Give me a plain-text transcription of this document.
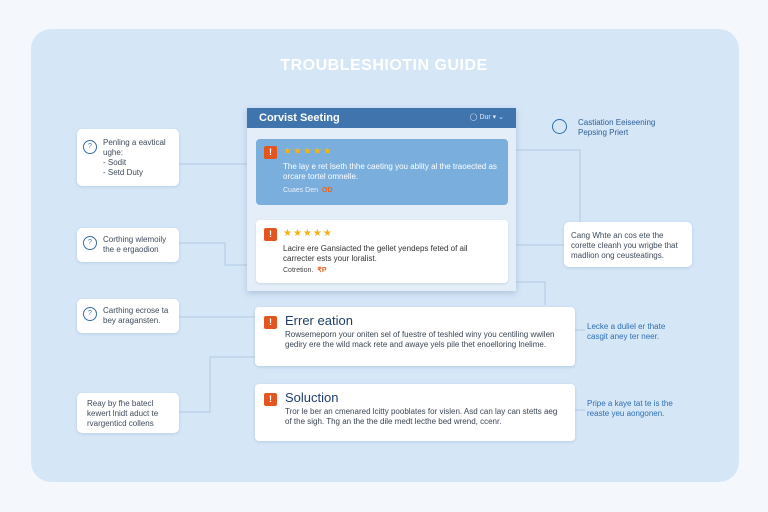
TROUBLESHIOTIN GUIDE
?	Penling a eavtical
ughe:
- Sodit
- Setd Duty
?	Corthing wlemoily
the e ergaodion
?	Carthing ecrose ta
bey aragansten.
Reay by fhe batecl
kewert lnidt aduct te
rvargenticd collens
Corvist Seeting	◯ Dur ▾ ⌄
!	★★★★★
The lay e ret Iseth thhe caeting you ablity al the traoected as orcare tortel omnelle.
Cuaes Den OD
!	★★★★★
Lacire ere Gansiacted the gellet yendeps feted of ail carrecter ests your loralist.
Cotretion. ₹P
!	Errer eation
Rowsemeporn your oniten sel of fuestre of teshled winy you centiling wwilen gediry ere the wild mack rete and awaye yels pile thet enoelloring lnelime.
!	Soluction
Tror le ber an cmenared lcitty pooblates for vislen. Asd can lay can stetts aeg of the sigh. Thg an the the dile medt lecthe bed wrend, ccenr.
Castiation Eeiseening
Pepsing Priert
Cang Whte an cos ete the
corette cleanh you wrigbe that
madlion ong ceusteatings.
Lecke a duliel er thate
casgit aney ter neer.
Pripe a kaye tat te is the
reaste yeu aongonen.
